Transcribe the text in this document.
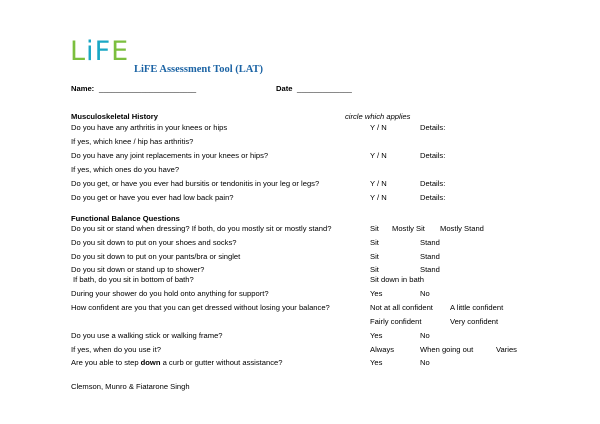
LiFE
LiFE Assessment Tool (LAT)
Name: _______________________	Date _____________
Musculoskeletal History	circle which applies
Do you have any arthritis in your knees or hips	Y / N	Details:
If yes, which knee / hip has arthritis?
Do you have any joint replacements in your knees or hips?	Y / N	Details:
If yes, which ones do you have?
Do you get, or have you ever had bursitis or tendonitis in your leg or legs?	Y / N	Details:
Do you get or have you ever had low back pain?	Y / N	Details:
Functional Balance Questions
Do you sit or stand when dressing? If both, do you mostly sit or mostly stand?	Sit Mostly Sit Mostly Stand
Do you sit down to put on your shoes and socks?	Sit	Stand
Do you sit down to put on your pants/bra or singlet	Sit	Stand
Do you sit down or stand up to shower?	Sit	Stand
If bath, do you sit in bottom of bath?	Sit down in bath
During your shower do you hold onto anything for support?	Yes	No
How confident are you that you can get dressed without losing your balance?	Not at all confident A little confident
Fairly confident	Very confident
Do you use a walking stick or walking frame?	Yes	No
If yes, when do you use it?	Always	When going out	Varies
Are you able to step down a curb or gutter without assistance?	Yes	No
Clemson, Munro & Fiatarone Singh
